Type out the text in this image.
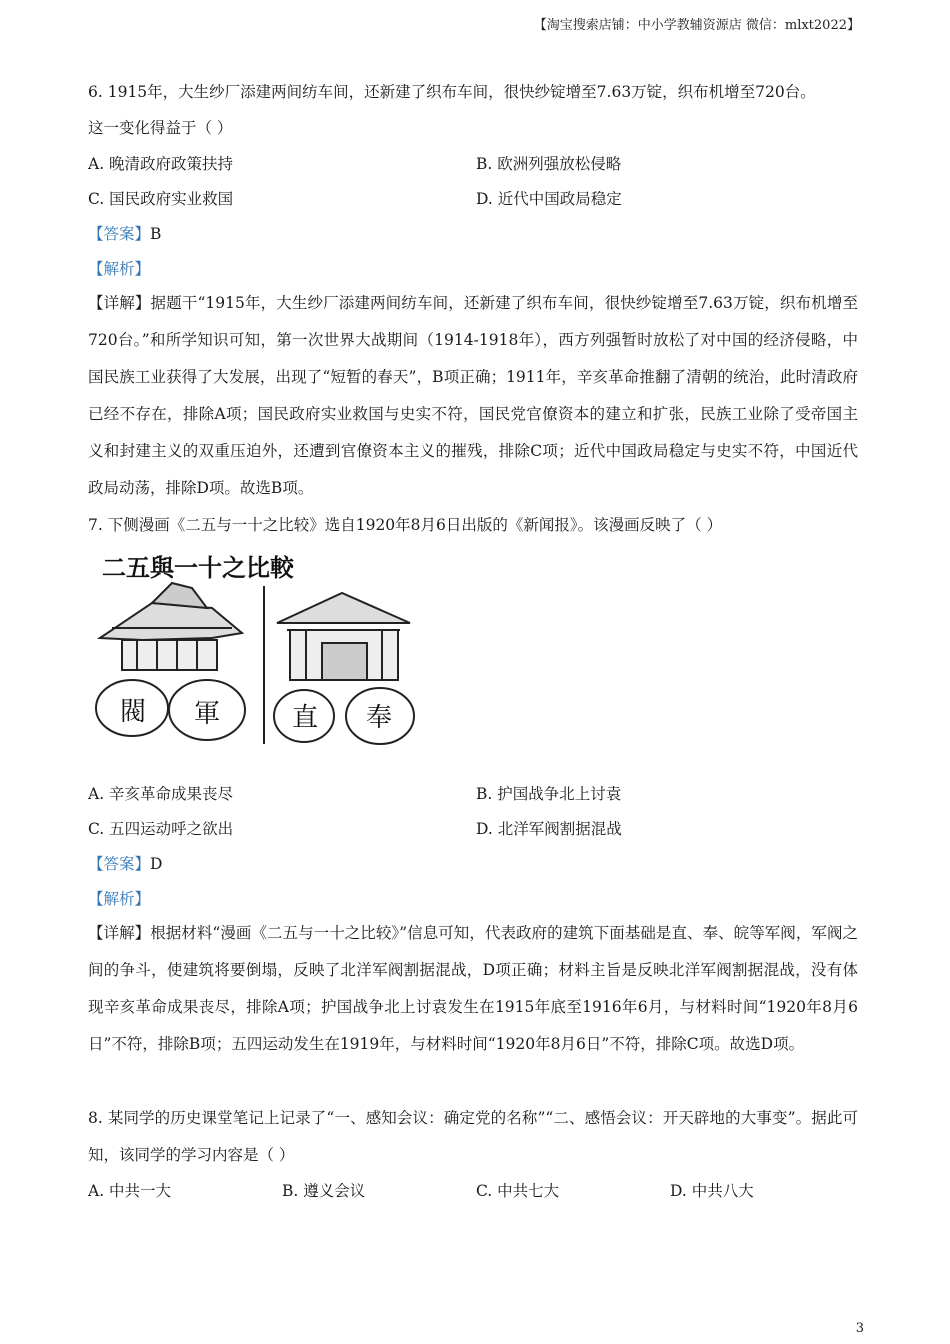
【淘宝搜索店铺：中小学教辅资源店 微信：mlxt2022】
6. 1915年，大生纱厂添建两间纺车间，还新建了织布车间，很快纱锭增至7.63万锭，织布机增至720台。
这一变化得益于（ ）
A. 晚清政府政策扶持	B. 欧洲列强放松侵略
C. 国民政府实业救国	D. 近代中国政局稳定
【答案】B
【解析】
【详解】据题干“1915年，大生纱厂添建两间纺车间，还新建了织布车间，很快纱锭增至7.63万锭，织布机增至720台。”和所学知识可知，第一次世界大战期间（1914-1918年），西方列强暂时放松了对中国的经济侵略，中国民族工业获得了大发展，出现了“短暂的春天”，B项正确；1911年，辛亥革命推翻了清朝的统治，此时清政府已经不存在，排除A项；国民政府实业救国与史实不符，国民党官僚资本的建立和扩张，民族工业除了受帝国主义和封建主义的双重压迫外，还遭到官僚资本主义的摧残，排除C项；近代中国政局稳定与史实不符，中国近代政局动荡，排除D项。故选B项。
7. 下侧漫画《二五与一十之比较》选自1920年8月6日出版的《新闻报》。该漫画反映了（ ）
二五與一十之比較
閥 軍	直 奉
A. 辛亥革命成果丧尽	B. 护国战争北上讨袁
C. 五四运动呼之欲出	D. 北洋军阀割据混战
【答案】D
【解析】
【详解】根据材料“漫画《二五与一十之比较》”信息可知，代表政府的建筑下面基础是直、奉、皖等军阀，军阀之间的争斗，使建筑将要倒塌，反映了北洋军阀割据混战，D项正确；材料主旨是反映北洋军阀割据混战，没有体现辛亥革命成果丧尽，排除A项；护国战争北上讨袁发生在1915年底至1916年6月，与材料时间“1920年8月6日”不符，排除B项；五四运动发生在1919年，与材料时间“1920年8月6日”不符，排除C项。故选D项。
8. 某同学的历史课堂笔记上记录了“一、感知会议：确定党的名称”“二、感悟会议：开天辟地的大事变”。据此可知，该同学的学习内容是（ ）
A. 中共一大	B. 遵义会议	C. 中共七大	D. 中共八大
3
